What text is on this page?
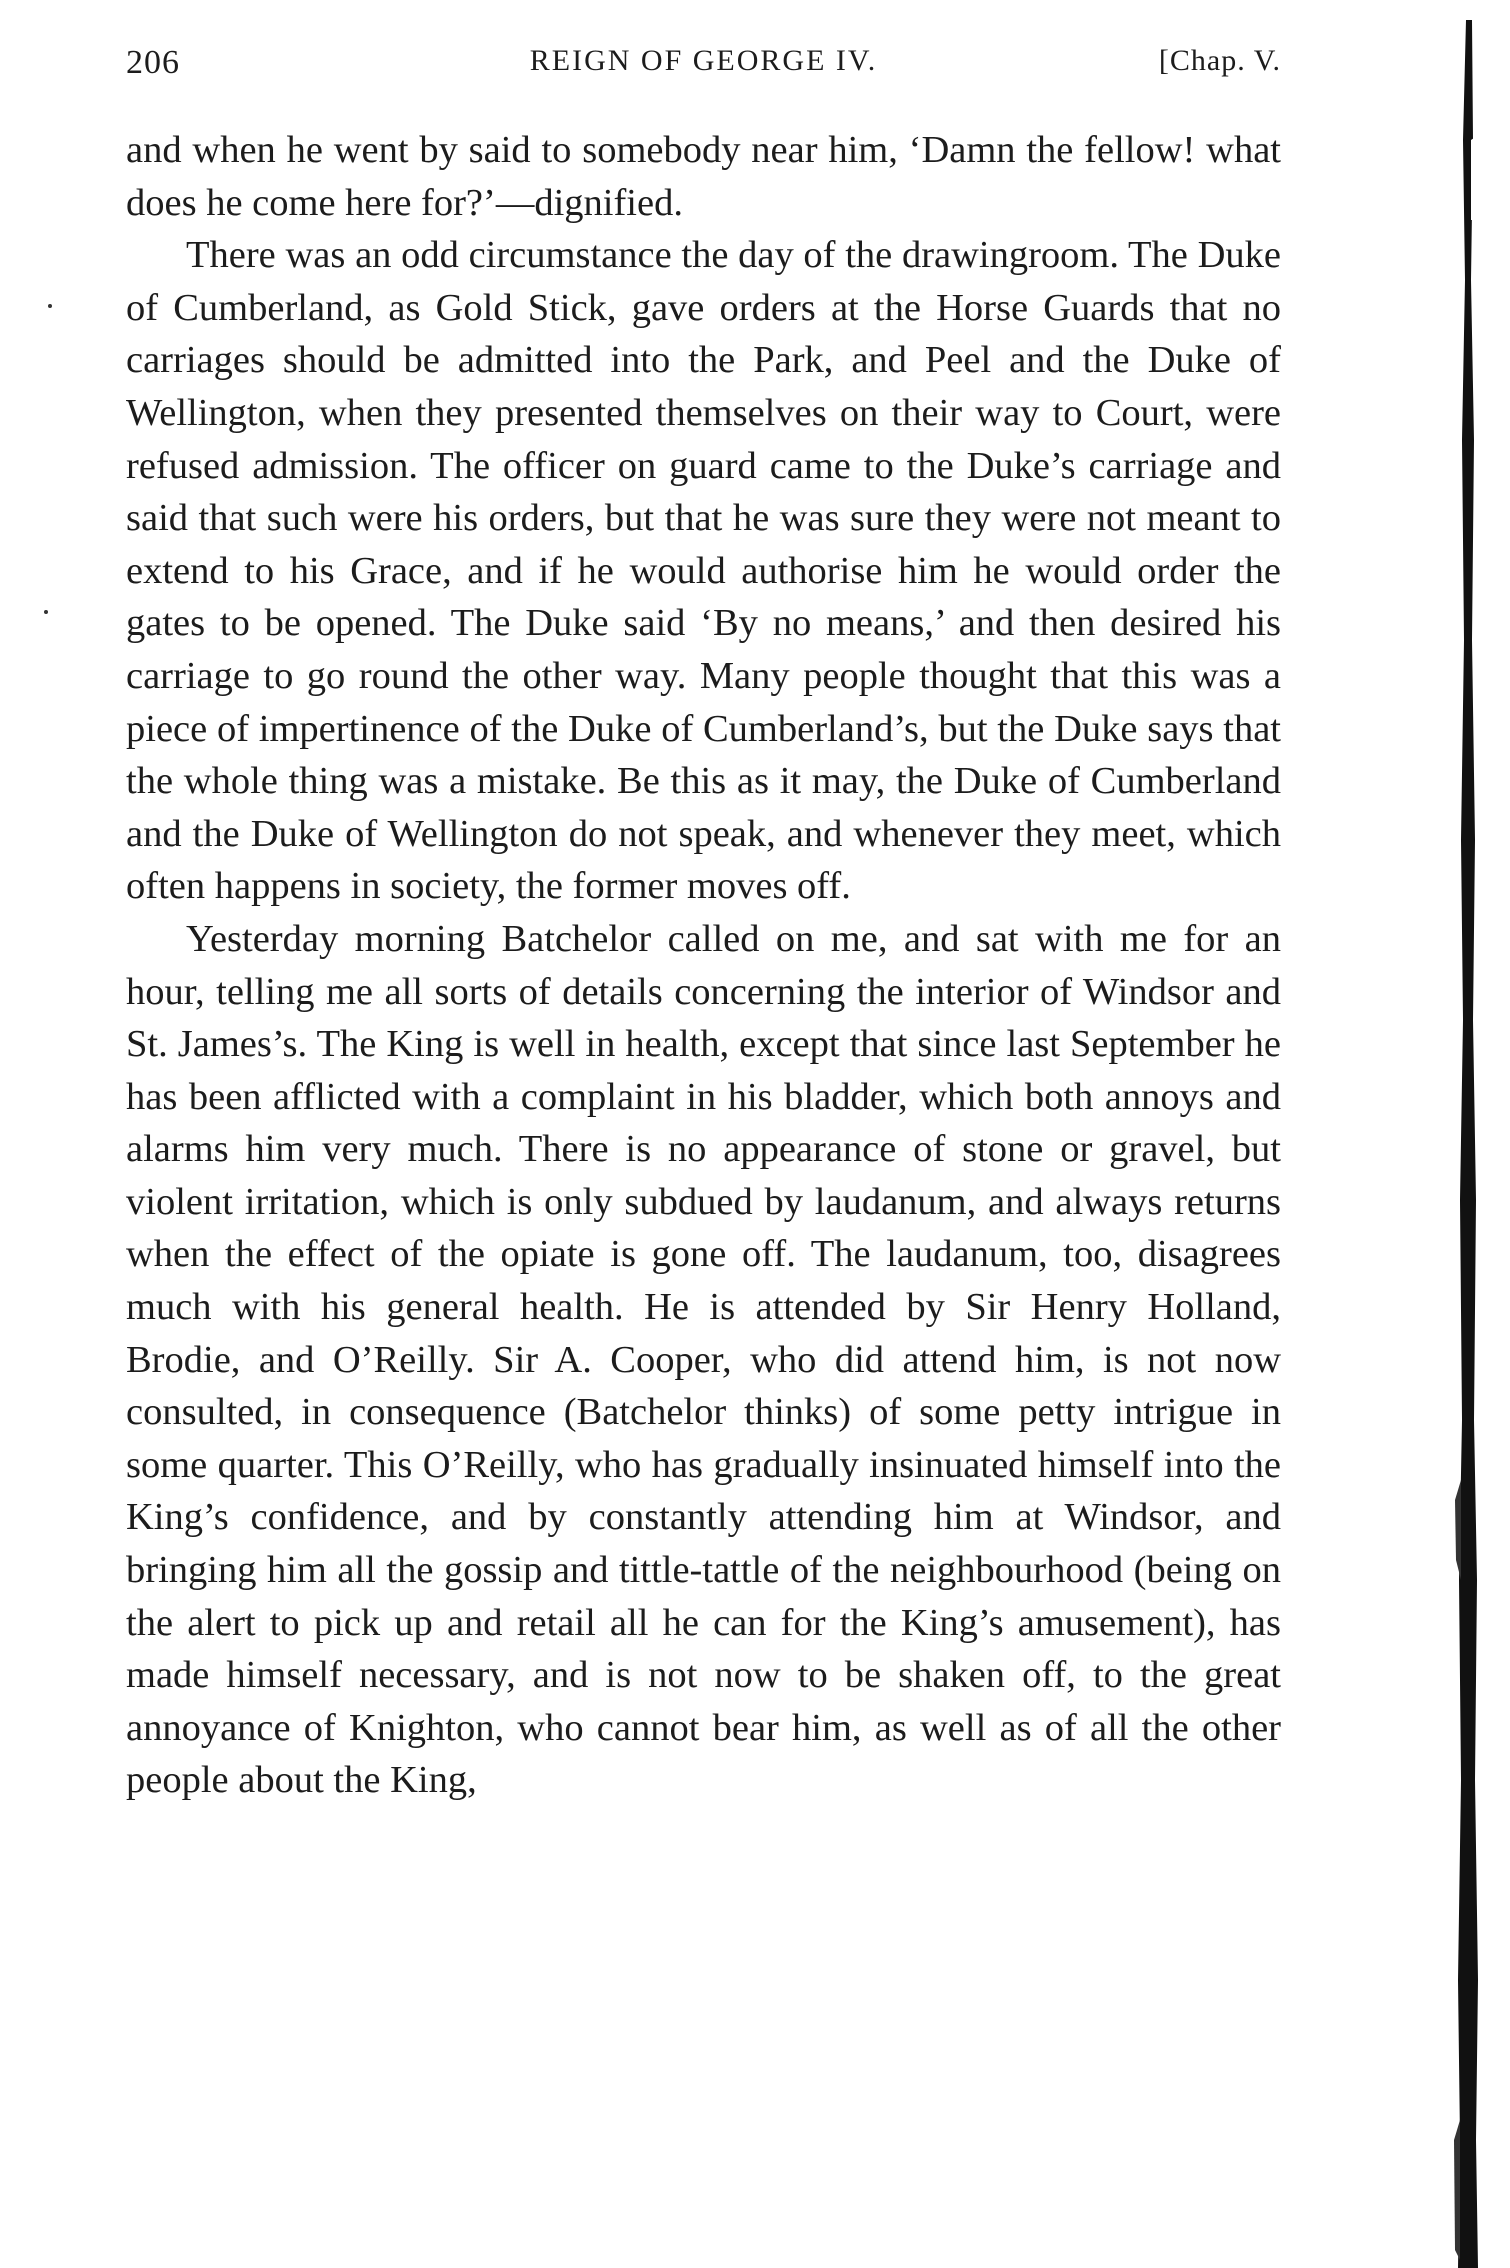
206	REIGN OF GEORGE IV.	[Chap. V.

and when he went by said to somebody near him, ‘Damn the fellow! what does he come here for?’—dignified.

There was an odd circumstance the day of the drawingroom. The Duke of Cumberland, as Gold Stick, gave orders at the Horse Guards that no carriages should be admitted into the Park, and Peel and the Duke of Wellington, when they presented themselves on their way to Court, were refused admission. The officer on guard came to the Duke’s carriage and said that such were his orders, but that he was sure they were not meant to extend to his Grace, and if he would authorise him he would order the gates to be opened. The Duke said ‘By no means,’ and then desired his carriage to go round the other way. Many people thought that this was a piece of impertinence of the Duke of Cumberland’s, but the Duke says that the whole thing was a mistake. Be this as it may, the Duke of Cumberland and the Duke of Wellington do not speak, and whenever they meet, which often happens in society, the former moves off.

Yesterday morning Batchelor called on me, and sat with me for an hour, telling me all sorts of details concerning the interior of Windsor and St. James’s. The King is well in health, except that since last September he has been afflicted with a complaint in his bladder, which both annoys and alarms him very much. There is no appearance of stone or gravel, but violent irritation, which is only subdued by laudanum, and always returns when the effect of the opiate is gone off. The laudanum, too, disagrees much with his general health. He is attended by Sir Henry Holland, Brodie, and O’Reilly. Sir A. Cooper, who did attend him, is not now consulted, in consequence (Batchelor thinks) of some petty intrigue in some quarter. This O’Reilly, who has gradually insinuated himself into the King’s confidence, and by constantly attending him at Windsor, and bringing him all the gossip and tittle-tattle of the neighbourhood (being on the alert to pick up and retail all he can for the King’s amusement), has made himself necessary, and is not now to be shaken off, to the great annoyance of Knighton, who cannot bear him, as well as of all the other people about the King,
